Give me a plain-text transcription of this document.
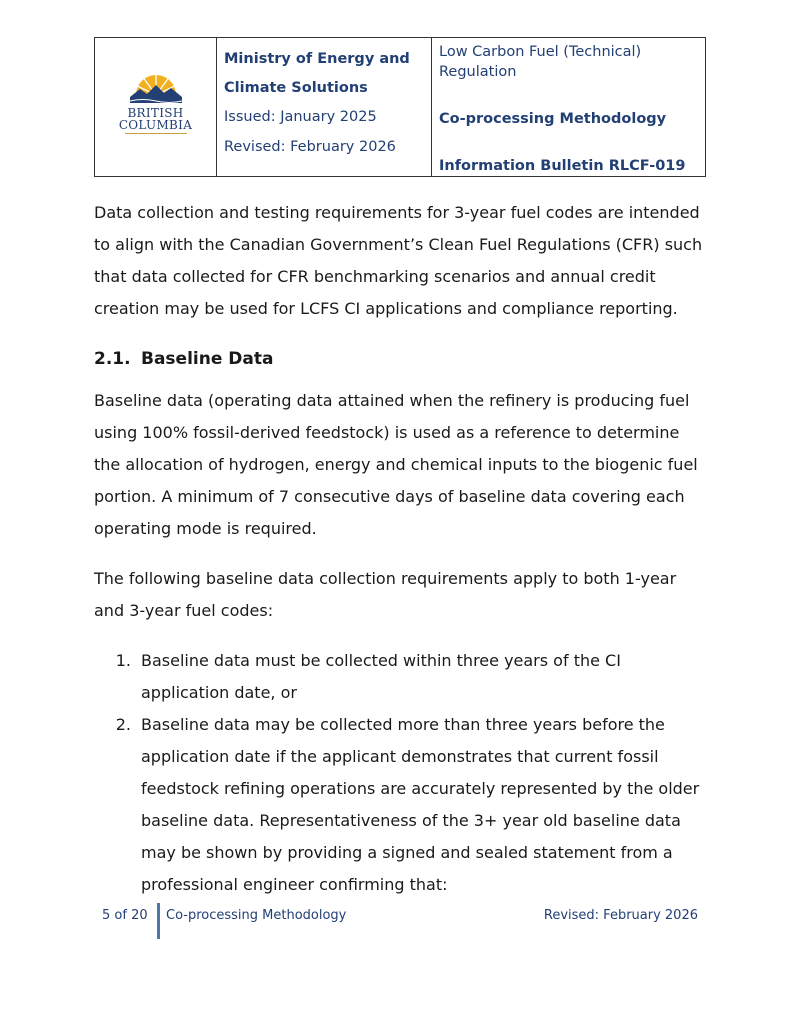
BRITISH
COLUMBIA

Ministry of Energy and Climate Solutions
Issued: January 2025
Revised: February 2026

Low Carbon Fuel (Technical) Regulation
Co-processing Methodology
Information Bulletin RLCF-019

Data collection and testing requirements for 3-year fuel codes are intended to align with the Canadian Government’s Clean Fuel Regulations (CFR) such that data collected for CFR benchmarking scenarios and annual credit creation may be used for LCFS CI applications and compliance reporting.

2.1. Baseline Data

Baseline data (operating data attained when the refinery is producing fuel using 100% fossil-derived feedstock) is used as a reference to determine the allocation of hydrogen, energy and chemical inputs to the biogenic fuel portion. A minimum of 7 consecutive days of baseline data covering each operating mode is required.

The following baseline data collection requirements apply to both 1-year and 3-year fuel codes:

1. Baseline data must be collected within three years of the CI application date, or
2. Baseline data may be collected more than three years before the application date if the applicant demonstrates that current fossil feedstock refining operations are accurately represented by the older baseline data. Representativeness of the 3+ year old baseline data may be shown by providing a signed and sealed statement from a professional engineer confirming that:
5 of 20 Co-processing Methodology	Revised: February 2026
